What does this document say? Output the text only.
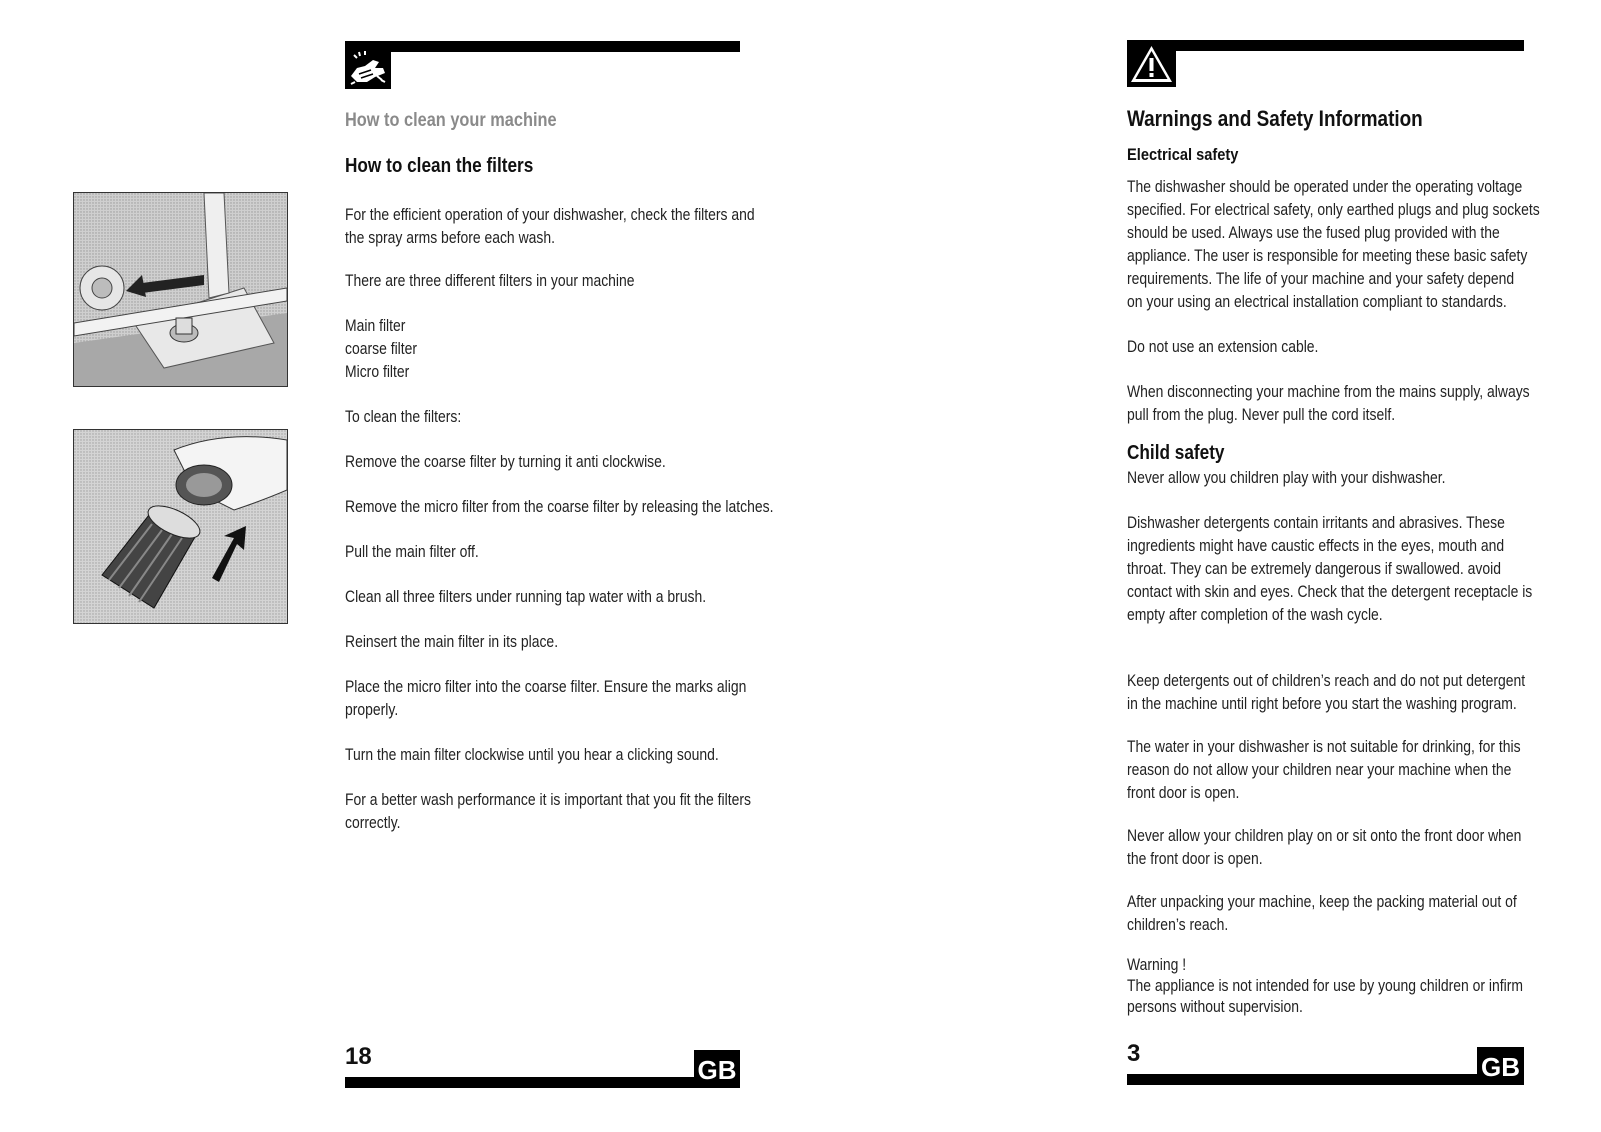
How to clean your machine
How to clean the filters

For the efficient operation of your dishwasher, check the filters and
the spray arms before each wash.

There are three different filters in your machine

Main filter
coarse filter
Micro filter

To clean the filters:

Remove the coarse filter by turning it anti clockwise.

Remove the micro filter from the coarse filter by releasing the latches.

Pull the main filter off.

Clean all three filters under running tap water with a brush.

Reinsert the main filter in its place.

Place the micro filter into the coarse filter. Ensure the marks align
properly.

Turn the main filter clockwise until you hear a clicking sound.

For a better wash performance it is important that you fit the filters
correctly.

18	GB
Warnings and Safety Information
Electrical safety

The dishwasher should be operated under the operating voltage
specified. For electrical safety, only earthed plugs and plug sockets
should be used. Always use the fused plug provided with the
appliance. The user is responsible for meeting these basic safety
requirements. The life of your machine and your safety depend
on your using an electrical installation compliant to standards.

Do not use an extension cable.

When disconnecting your machine from the mains supply, always
pull from the plug. Never pull the cord itself.

Child safety

Never allow you children play with your dishwasher.

Dishwasher detergents contain irritants and abrasives. These
ingredients might have caustic effects in the eyes, mouth and
throat. They can be extremely dangerous if swallowed. avoid
contact with skin and eyes. Check that the detergent receptacle is
empty after completion of the wash cycle.

Keep detergents out of children’s reach and do not put detergent
in the machine until right before you start the washing program.

The water in your dishwasher is not suitable for drinking, for this
reason do not allow your children near your machine when the
front door is open.

Never allow your children play on or sit onto the front door when
the front door is open.

After unpacking your machine, keep the packing material out of
children’s reach.

Warning !
The appliance is not intended for use by young children or infirm
persons without supervision.

3	GB
